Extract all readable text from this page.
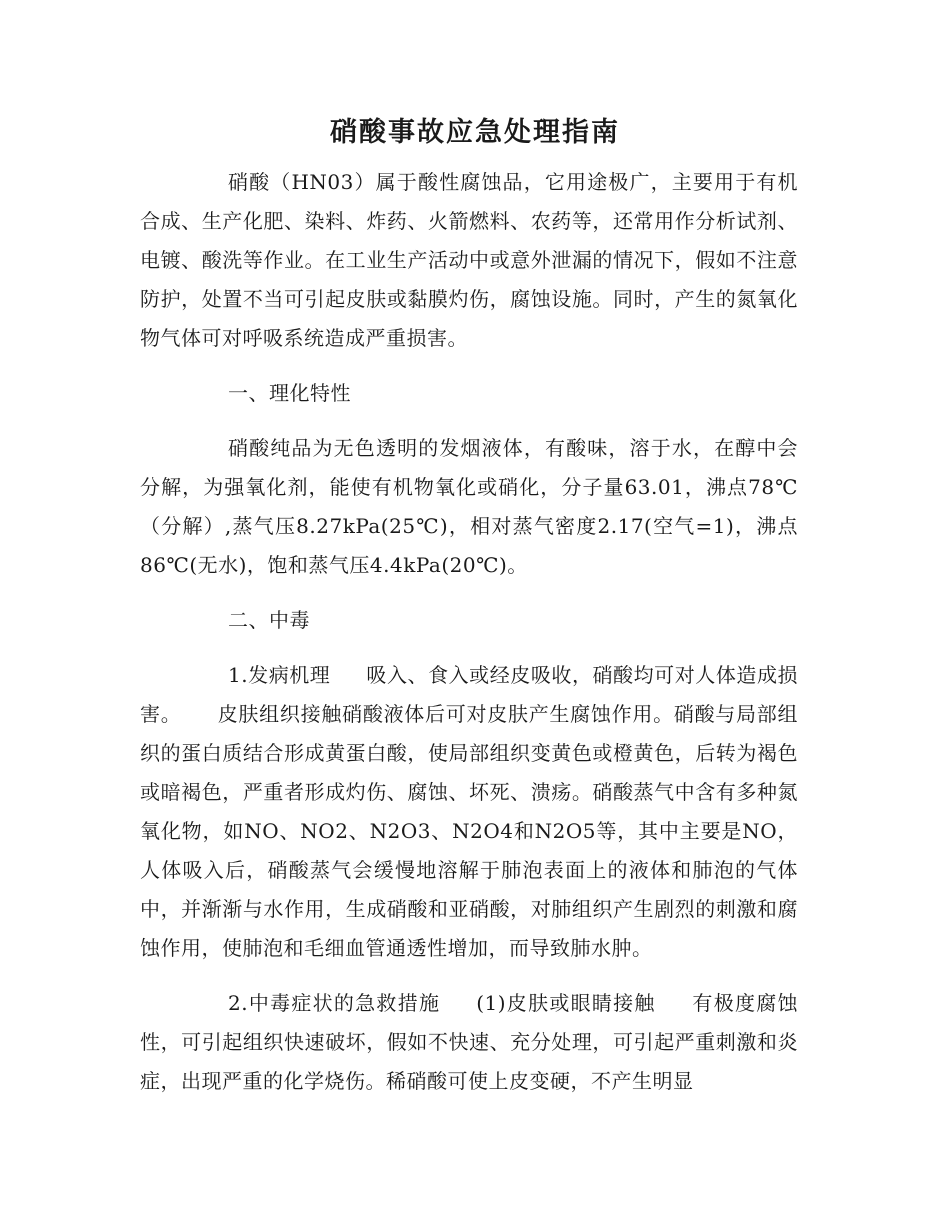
硝酸事故应急处理指南

硝酸（HN03）属于酸性腐蚀品，它用途极广，主要用于有机合成、生产化肥、染料、炸药、火箭燃料、农药等，还常用作分析试剂、电镀、酸洗等作业。在工业生产活动中或意外泄漏的情况下，假如不注意防护，处置不当可引起皮肤或黏膜灼伤，腐蚀设施。同时，产生的氮氧化物气体可对呼吸系统造成严重损害。

一、理化特性

硝酸纯品为无色透明的发烟液体，有酸味，溶于水，在醇中会分解，为强氧化剂，能使有机物氧化或硝化，分子量63.01，沸点78℃（分解）,蒸气压8.27kPa(25℃)，相对蒸气密度2.17(空气=1)，沸点86℃(无水)，饱和蒸气压4.4kPa(20℃)。

二、中毒

1.发病机理 吸入、食入或经皮吸收，硝酸均可对人体造成损害。 皮肤组织接触硝酸液体后可对皮肤产生腐蚀作用。硝酸与局部组织的蛋白质结合形成黄蛋白酸，使局部组织变黄色或橙黄色，后转为褐色或暗褐色，严重者形成灼伤、腐蚀、坏死、溃疡。硝酸蒸气中含有多种氮氧化物，如NO、NO2、N2O3、N2O4和N2O5等，其中主要是NO，人体吸入后，硝酸蒸气会缓慢地溶解于肺泡表面上的液体和肺泡的气体中，并渐渐与水作用，生成硝酸和亚硝酸，对肺组织产生剧烈的刺激和腐蚀作用，使肺泡和毛细血管通透性增加，而导致肺水肿。

2.中毒症状的急救措施 (1)皮肤或眼睛接触 有极度腐蚀性，可引起组织快速破坏，假如不快速、充分处理，可引起严重刺激和炎症，出现严重的化学烧伤。稀硝酸可使上皮变硬，不产生明显
